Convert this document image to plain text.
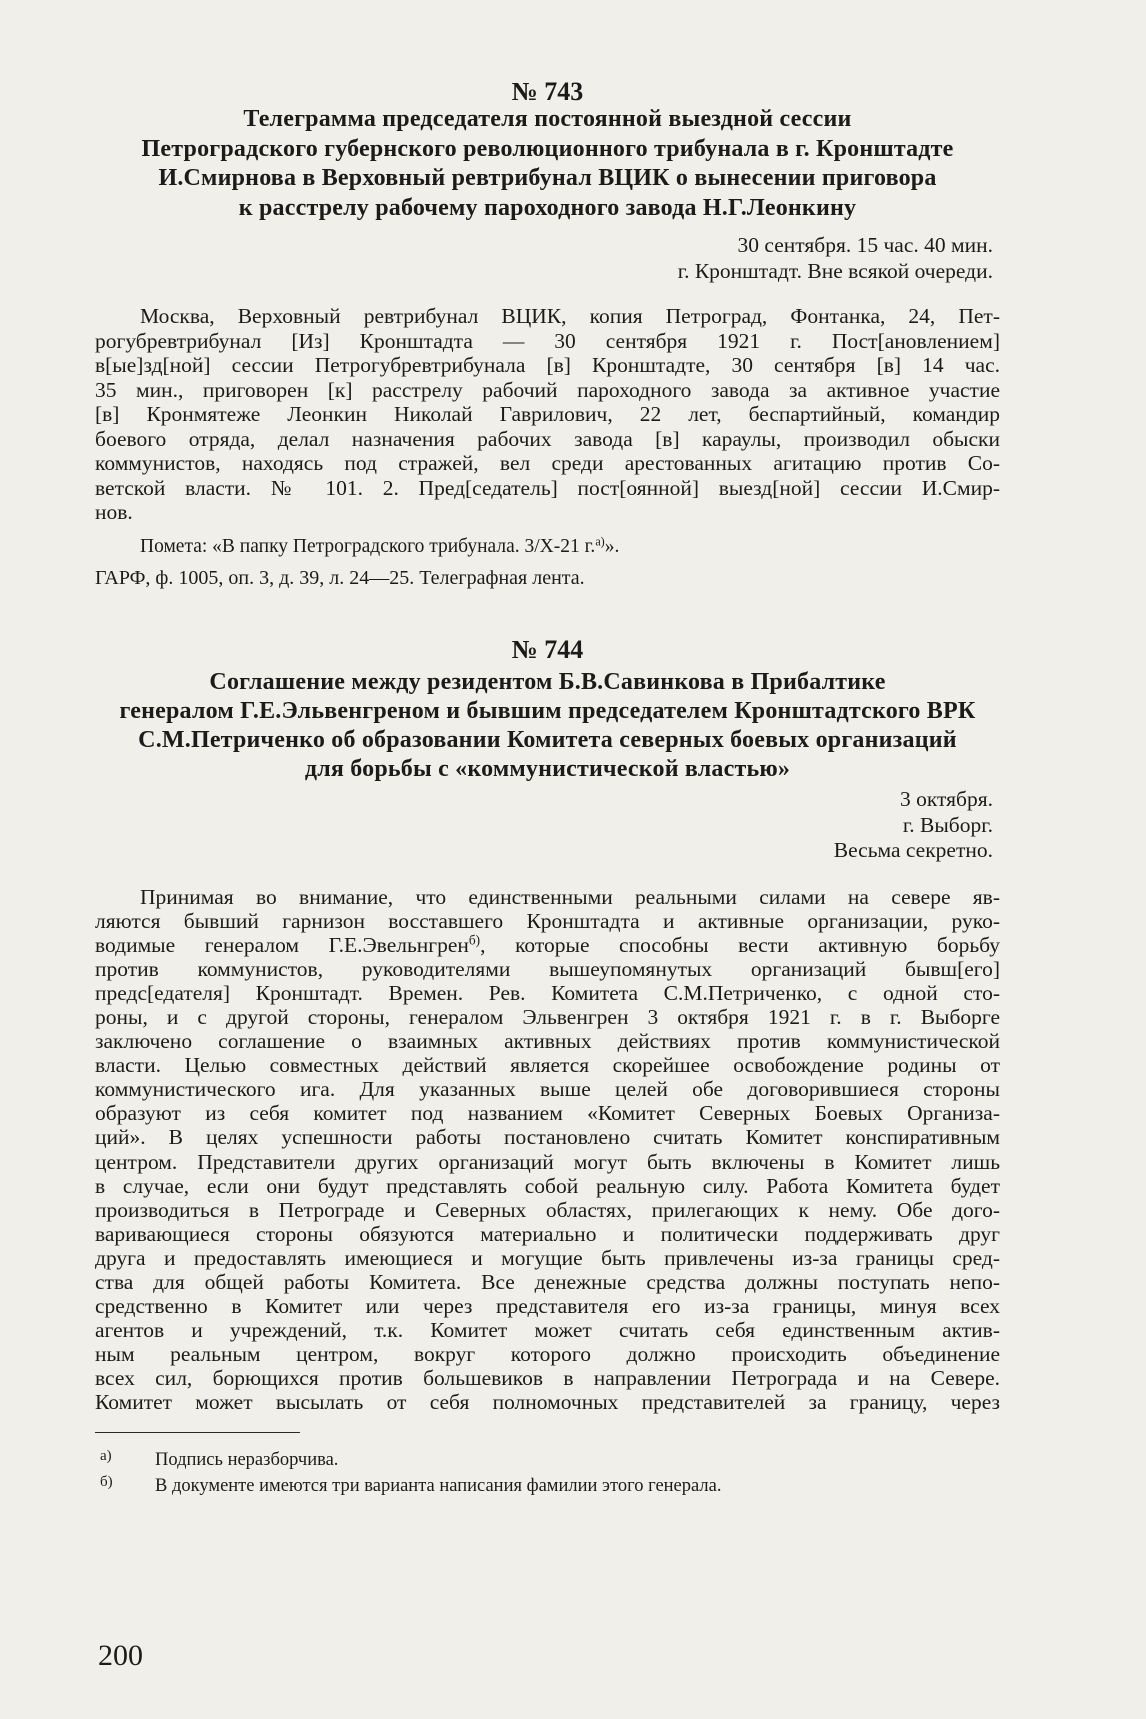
№ 743
Телеграмма председателя постоянной выездной сессии
Петроградского губернского революционного трибунала в г. Кронштадте
И.Смирнова в Верховный ревтрибунал ВЦИК о вынесении приговора
к расстрелу рабочему пароходного завода Н.Г.Леонкину
30 сентября. 15 час. 40 мин.
г. Кронштадт. Вне всякой очереди.
Москва, Верховный ревтрибунал ВЦИК, копия Петроград, Фонтанка, 24, Пет-
рогубревтрибунал [Из] Кронштадта — 30 сентября 1921 г. Пост[ановлением]
в[ые]зд[ной] сессии Петрогубревтрибунала [в] Кронштадте, 30 сентября [в] 14 час.
35 мин., приговорен [к] расстрелу рабочий пароходного завода за активное участие
[в] Кронмятеже Леонкин Николай Гаврилович, 22 лет, беспартийный, командир
боевого отряда, делал назначения рабочих завода [в] караулы, производил обыски
коммунистов, находясь под стражей, вел среди арестованных агитацию против Со-
ветской власти. № 101. 2. Пред[седатель] пост[оянной] выезд[ной] сессии И.Смир-
нов.
Помета: «В папку Петроградского трибунала. 3/X-21 г.$^{а)}$».
ГАРФ, ф. 1005, оп. 3, д. 39, л. 24—25. Телеграфная лента.
№ 744
Соглашение между резидентом Б.В.Савинкова в Прибалтике
генералом Г.Е.Эльвенгреном и бывшим председателем Кронштадтского ВРК
С.М.Петриченко об образовании Комитета северных боевых организаций
для борьбы с «коммунистической властью»
3 октября.
г. Выборг.
Весьма секретно.
Принимая во внимание, что единственными реальными силами на севере яв-
ляются бывший гарнизон восставшего Кронштадта и активные организации, руко-
водимые генералом Г.Е.Эвельнгрен$^{б)}$, которые способны вести активную борьбу
против коммунистов, руководителями вышеупомянутых организаций бывш[его]
предс[едателя] Кронштадт. Времен. Рев. Комитета С.М.Петриченко, с одной сто-
роны, и с другой стороны, генералом Эльвенгрен 3 октября 1921 г. в г. Выборге
заключено соглашение о взаимных активных действиях против коммунистической
власти. Целью совместных действий является скорейшее освобождение родины от
коммунистического ига. Для указанных выше целей обе договорившиеся стороны
образуют из себя комитет под названием «Комитет Северных Боевых Организа-
ций». В целях успешности работы постановлено считать Комитет конспиративным
центром. Представители других организаций могут быть включены в Комитет лишь
в случае, если они будут представлять собой реальную силу. Работа Комитета будет
производиться в Петрограде и Северных областях, прилегающих к нему. Обе дого-
варивающиеся стороны обязуются материально и политически поддерживать друг
друга и предоставлять имеющиеся и могущие быть привлечены из-за границы сред-
ства для общей работы Комитета. Все денежные средства должны поступать непо-
средственно в Комитет или через представителя его из-за границы, минуя всех
агентов и учреждений, т.к. Комитет может считать себя единственным актив-
ным реальным центром, вокруг которого должно происходить объединение
всех сил, борющихся против большевиков в направлении Петрограда и на Севере.
Комитет может высылать от себя полномочных представителей за границу, через
а) Подпись неразборчива.
б) В документе имеются три варианта написания фамилии этого генерала.
200
